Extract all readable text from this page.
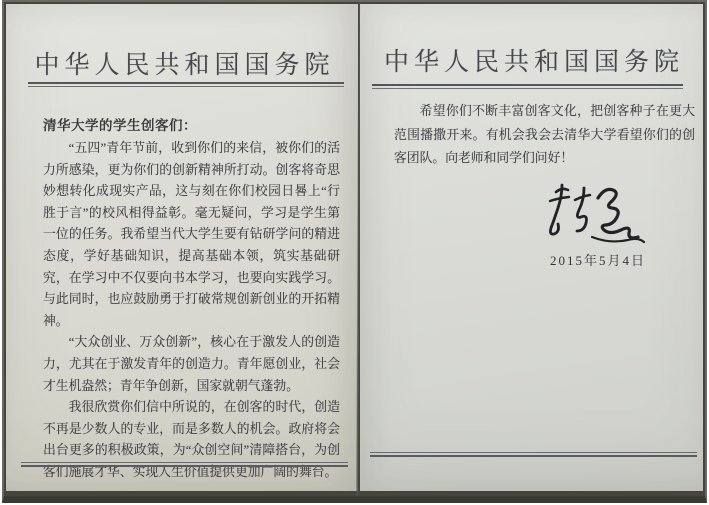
中华人民共和国国务院
清华大学的学生创客们：

“五四”青年节前，收到你们的来信，被你们的活力所感染，更为你们的创新精神所打动。创客将奇思妙想转化成现实产品，这与刻在你们校园日晷上“行胜于言”的校风相得益彰。毫无疑问，学习是学生第一位的任务。我希望当代大学生要有钻研学问的精进态度，学好基础知识，提高基础本领，筑实基础研究，在学习中不仅要向书本学习，也要向实践学习。与此同时，也应鼓励勇于打破常规创新创业的开拓精神。

“大众创业、万众创新”，核心在于激发人的创造力，尤其在于激发青年的创造力。青年愿创业，社会才生机盎然；青年争创新，国家就朝气蓬勃。

我很欣赏你们信中所说的，在创客的时代，创造不再是少数人的专业，而是多数人的机会。政府将会出台更多的积极政策，为“众创空间”清障搭台，为创客们施展才华、实现人生价值提供更加广阔的舞台。

中华人民共和国国务院

希望你们不断丰富创客文化，把创客种子在更大范围播撒开来。有机会我会去清华大学看望你们的创客团队。向老师和同学们问好！

2015年5月4日
